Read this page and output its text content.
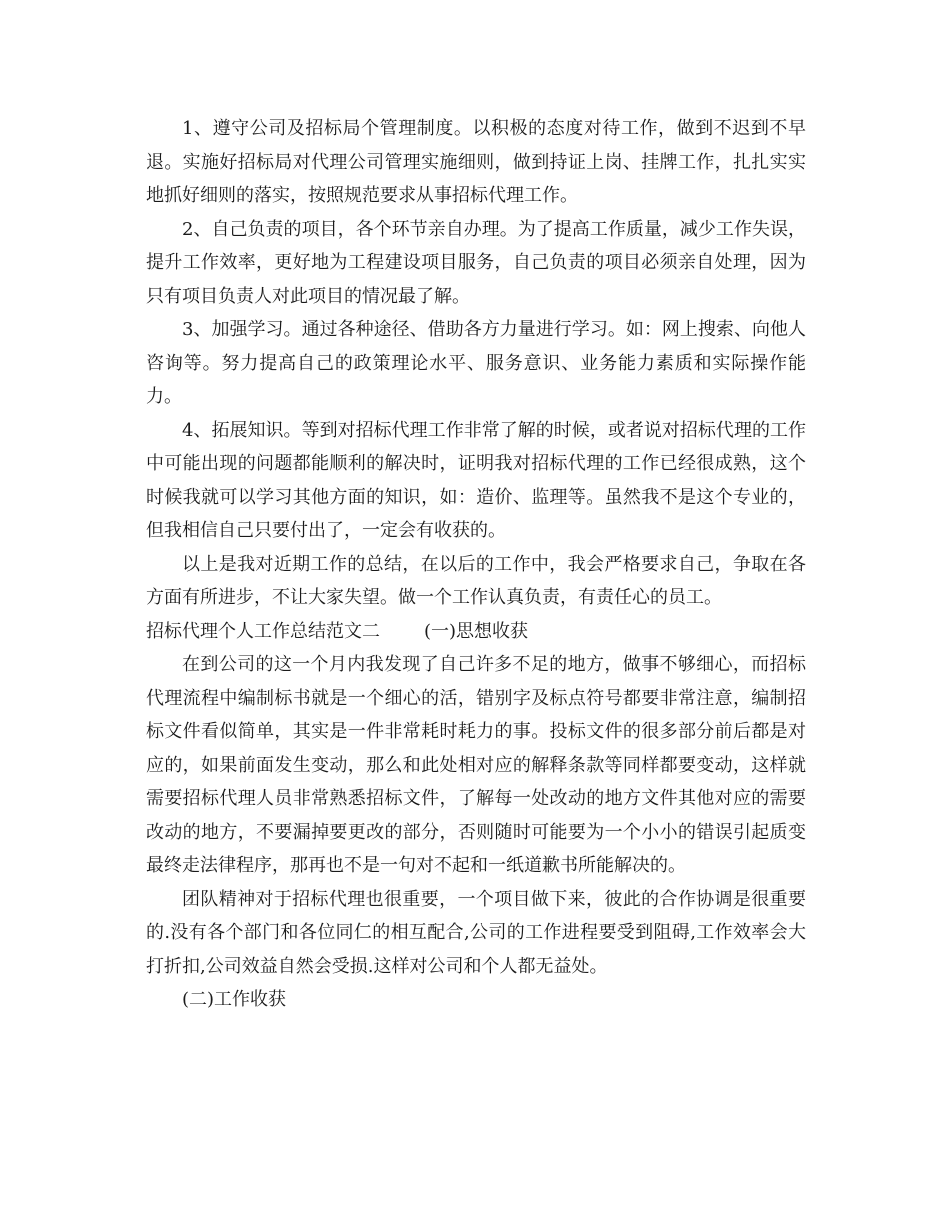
1、遵守公司及招标局个管理制度。以积极的态度对待工作，做到不迟到不早退。实施好招标局对代理公司管理实施细则，做到持证上岗、挂牌工作，扎扎实实地抓好细则的落实，按照规范要求从事招标代理工作。

2、自己负责的项目，各个环节亲自办理。为了提高工作质量，减少工作失误，提升工作效率，更好地为工程建设项目服务，自己负责的项目必须亲自处理，因为只有项目负责人对此项目的情况最了解。

3、加强学习。通过各种途径、借助各方力量进行学习。如：网上搜索、向他人咨询等。努力提高自己的政策理论水平、服务意识、业务能力素质和实际操作能力。

4、拓展知识。等到对招标代理工作非常了解的时候，或者说对招标代理的工作中可能出现的问题都能顺利的解决时，证明我对招标代理的工作已经很成熟，这个时候我就可以学习其他方面的知识，如：造价、监理等。虽然我不是这个专业的，但我相信自己只要付出了，一定会有收获的。

以上是我对近期工作的总结，在以后的工作中，我会严格要求自己，争取在各方面有所进步，不让大家失望。做一个工作认真负责，有责任心的员工。

招标代理个人工作总结范文二 (一)思想收获

在到公司的这一个月内我发现了自己许多不足的地方，做事不够细心，而招标代理流程中编制标书就是一个细心的活，错别字及标点符号都要非常注意，编制招标文件看似简单，其实是一件非常耗时耗力的事。投标文件的很多部分前后都是对应的，如果前面发生变动，那么和此处相对应的解释条款等同样都要变动，这样就需要招标代理人员非常熟悉招标文件，了解每一处改动的地方文件其他对应的需要改动的地方，不要漏掉要更改的部分，否则随时可能要为一个小小的错误引起质变最终走法律程序，那再也不是一句对不起和一纸道歉书所能解决的。

团队精神对于招标代理也很重要，一个项目做下来，彼此的合作协调是很重要的.没有各个部门和各位同仁的相互配合,公司的工作进程要受到阻碍,工作效率会大打折扣,公司效益自然会受损.这样对公司和个人都无益处。

(二)工作收获
